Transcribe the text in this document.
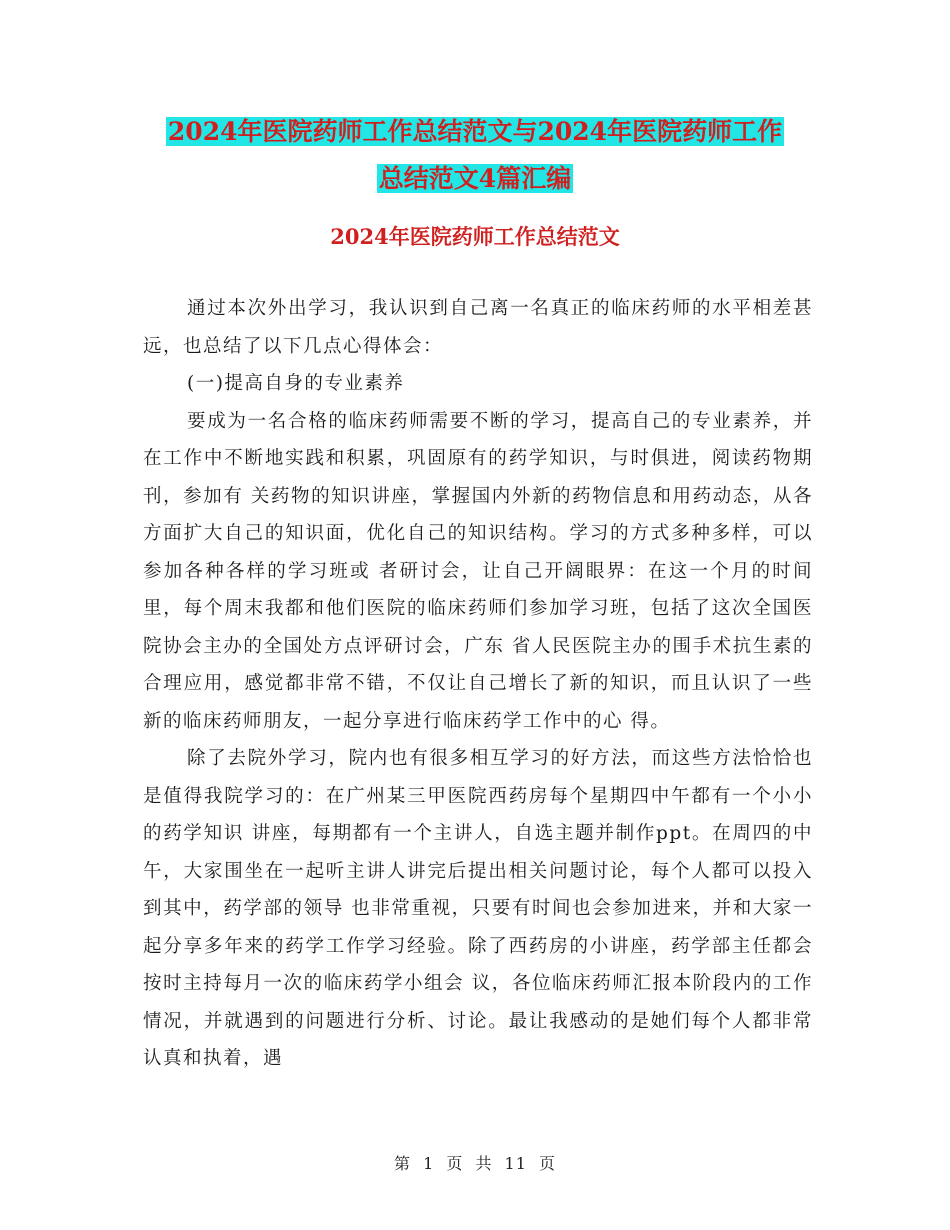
2024年医院药师工作总结范文与2024年医院药师工作
总结范文4篇汇编
2024年医院药师工作总结范文

通过本次外出学习，我认识到自己离一名真正的临床药师的水平相差甚远，也总结了以下几点心得体会：

(一)提高自身的专业素养

要成为一名合格的临床药师需要不断的学习，提高自己的专业素养，并在工作中不断地实践和积累，巩固原有的药学知识，与时俱进，阅读药物期刊，参加有 关药物的知识讲座，掌握国内外新的药物信息和用药动态，从各方面扩大自己的知识面，优化自己的知识结构。学习的方式多种多样，可以参加各种各样的学习班或 者研讨会，让自己开阔眼界：在这一个月的时间里，每个周末我都和他们医院的临床药师们参加学习班，包括了这次全国医院协会主办的全国处方点评研讨会，广东 省人民医院主办的围手术抗生素的合理应用，感觉都非常不错，不仅让自己增长了新的知识，而且认识了一些新的临床药师朋友，一起分享进行临床药学工作中的心 得。

除了去院外学习，院内也有很多相互学习的好方法，而这些方法恰恰也是值得我院学习的：在广州某三甲医院西药房每个星期四中午都有一个小小的药学知识 讲座，每期都有一个主讲人，自选主题并制作ppt。在周四的中午，大家围坐在一起听主讲人讲完后提出相关问题讨论，每个人都可以投入到其中，药学部的领导 也非常重视，只要有时间也会参加进来，并和大家一起分享多年来的药学工作学习经验。除了西药房的小讲座，药学部主任都会按时主持每月一次的临床药学小组会 议，各位临床药师汇报本阶段内的工作情况，并就遇到的问题进行分析、讨论。最让我感动的是她们每个人都非常认真和执着，遇

第 1 页 共 11 页
